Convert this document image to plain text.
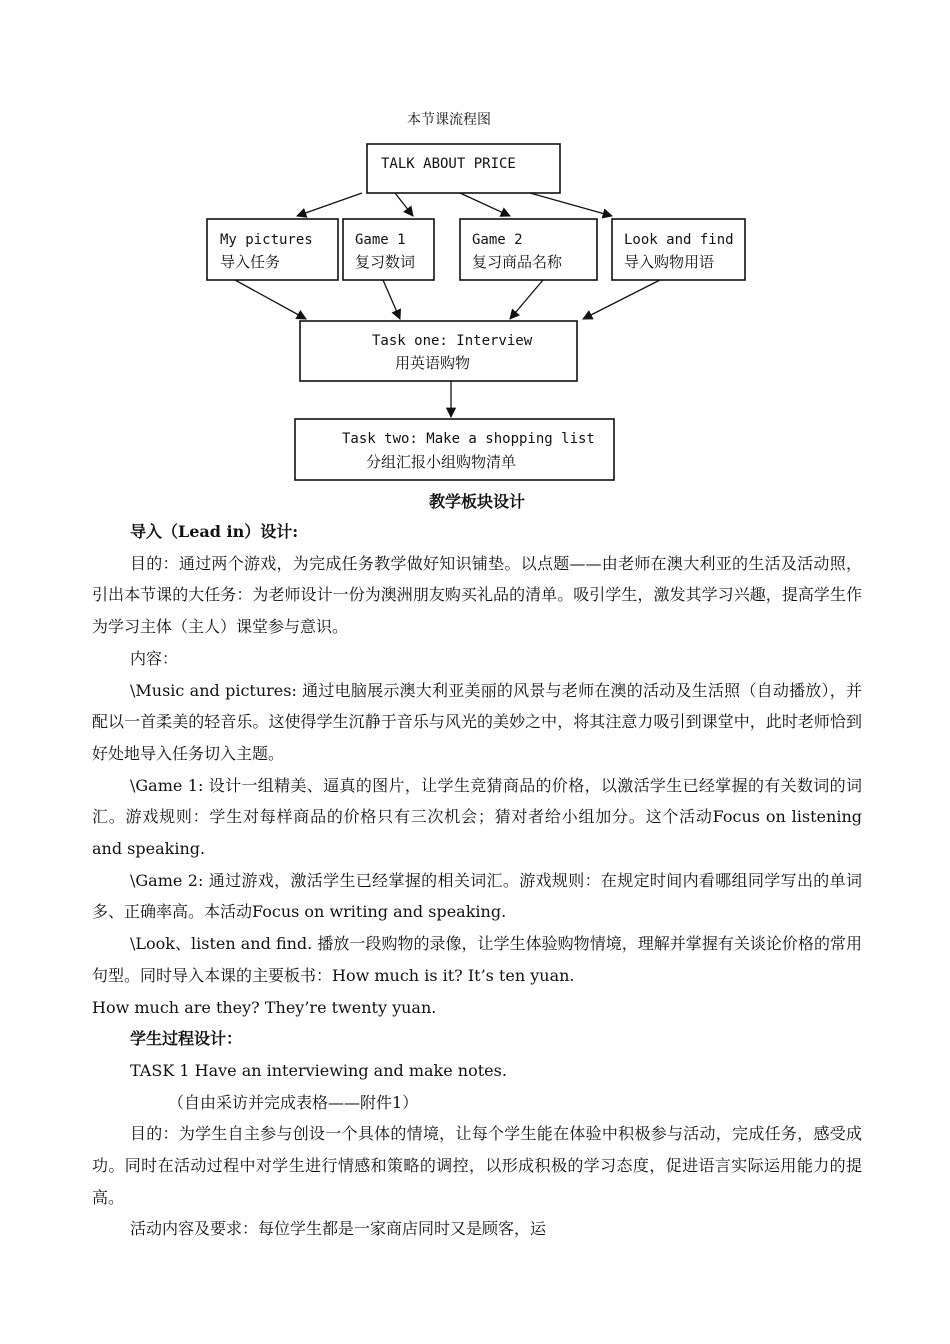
本节课流程图
TALK ABOUT PRICE
My pictures
导入任务
Game 1
复习数词
Game 2
复习商品名称
Look and find
导入购物用语
Task one: Interview
用英语购物
Task two: Make a shopping list
分组汇报小组购物清单

教学板块设计

导入（Lead in）设计:

目的：通过两个游戏，为完成任务教学做好知识铺垫。以点题——由老师在澳大利亚的生活及活动照，引出本节课的大任务：为老师设计一份为澳洲朋友购买礼品的清单。吸引学生，激发其学习兴趣，提高学生作为学习主体（主人）课堂参与意识。

内容：

\Music and pictures: 通过电脑展示澳大利亚美丽的风景与老师在澳的活动及生活照（自动播放），并配以一首柔美的轻音乐。这使得学生沉静于音乐与风光的美妙之中，将其注意力吸引到课堂中，此时老师恰到好处地导入任务切入主题。

\Game 1: 设计一组精美、逼真的图片，让学生竞猜商品的价格，以激活学生已经掌握的有关数词的词汇。游戏规则：学生对每样商品的价格只有三次机会；猜对者给小组加分。这个活动Focus on listening and speaking.

\Game 2: 通过游戏，激活学生已经掌握的相关词汇。游戏规则：在规定时间内看哪组同学写出的单词多、正确率高。本活动Focus on writing and speaking.

\Look、listen and find. 播放一段购物的录像，让学生体验购物情境，理解并掌握有关谈论价格的常用句型。同时导入本课的主要板书：How much is it? It’s ten yuan.

How much are they? They’re twenty yuan.

学生过程设计：

TASK 1 Have an interviewing and make notes.

（自由采访并完成表格——附件1）

目的：为学生自主参与创设一个具体的情境，让每个学生能在体验中积极参与活动，完成任务，感受成功。同时在活动过程中对学生进行情感和策略的调控，以形成积极的学习态度，促进语言实际运用能力的提高。

活动内容及要求：每位学生都是一家商店同时又是顾客，运
